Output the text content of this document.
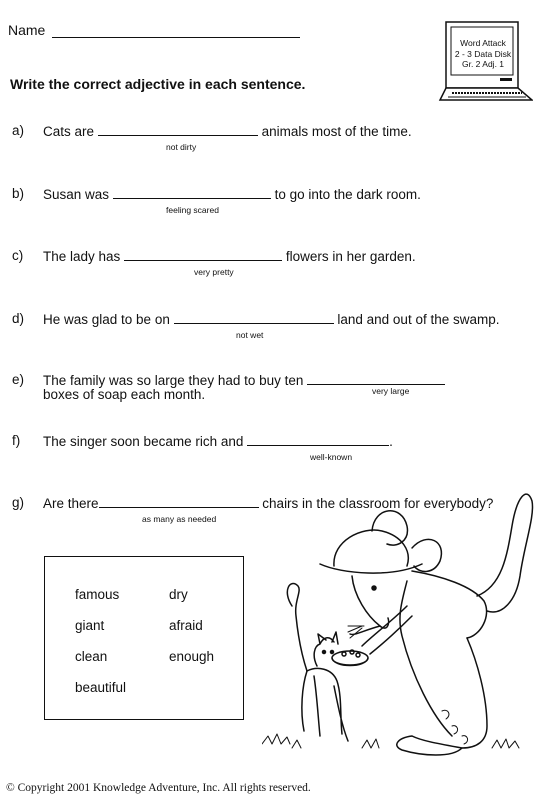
Name
Write the correct adjective in each sentence.
Word Attack
2 - 3 Data Disk
Gr. 2 Adj. 1
a) Cats are	animals most of the time.
not dirty
b) Susan was	to go into the dark room.
feeling scared
c) The lady has	flowers in her garden.
very pretty
d) He was glad to be on	land and out of the swamp.
not wet
e) The family was so large they had to buy ten
boxes of soap each month.	very large
f) The singer soon became rich and	.
well-known
g) Are there	chairs in the classroom for everybody?
as many as needed
famous	dry
giant	afraid
clean	enough
beautiful
© Copyright 2001 Knowledge Adventure, Inc. All rights reserved.
